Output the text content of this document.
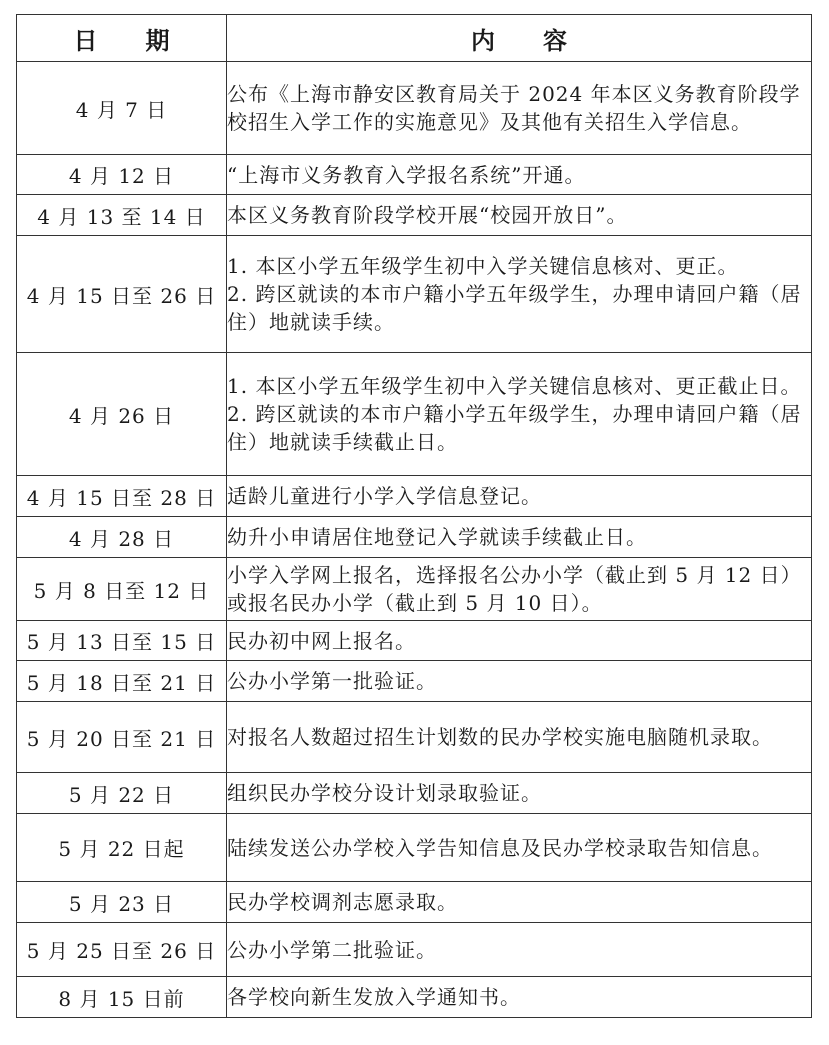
日　　期	内　　容
4 月 7 日	公布《上海市静安区教育局关于 2024 年本区义务教育阶段学校招生入学工作的实施意见》及其他有关招生入学信息。

4 月 12 日	“上海市义务教育入学报名系统”开通。

4 月 13 至 14 日	本区义务教育阶段学校开展“校园开放日”。

4 月 15 日至 26 日	1. 本区小学五年级学生初中入学关键信息核对、更正。
2. 跨区就读的本市户籍小学五年级学生，办理申请回户籍（居住）地就读手续。

4 月 26 日	1. 本区小学五年级学生初中入学关键信息核对、更正截止日。
2. 跨区就读的本市户籍小学五年级学生，办理申请回户籍（居住）地就读手续截止日。

4 月 15 日至 28 日	适龄儿童进行小学入学信息登记。

4 月 28 日	幼升小申请居住地登记入学就读手续截止日。

5 月 8 日至 12 日	小学入学网上报名，选择报名公办小学（截止到 5 月 12 日）或报名民办小学（截止到 5 月 10 日）。

5 月 13 日至 15 日	民办初中网上报名。

5 月 18 日至 21 日	公办小学第一批验证。

5 月 20 日至 21 日	对报名人数超过招生计划数的民办学校实施电脑随机录取。

5 月 22 日	组织民办学校分设计划录取验证。

5 月 22 日起	陆续发送公办学校入学告知信息及民办学校录取告知信息。

5 月 23 日	民办学校调剂志愿录取。

5 月 25 日至 26 日	公办小学第二批验证。

8 月 15 日前	各学校向新生发放入学通知书。
